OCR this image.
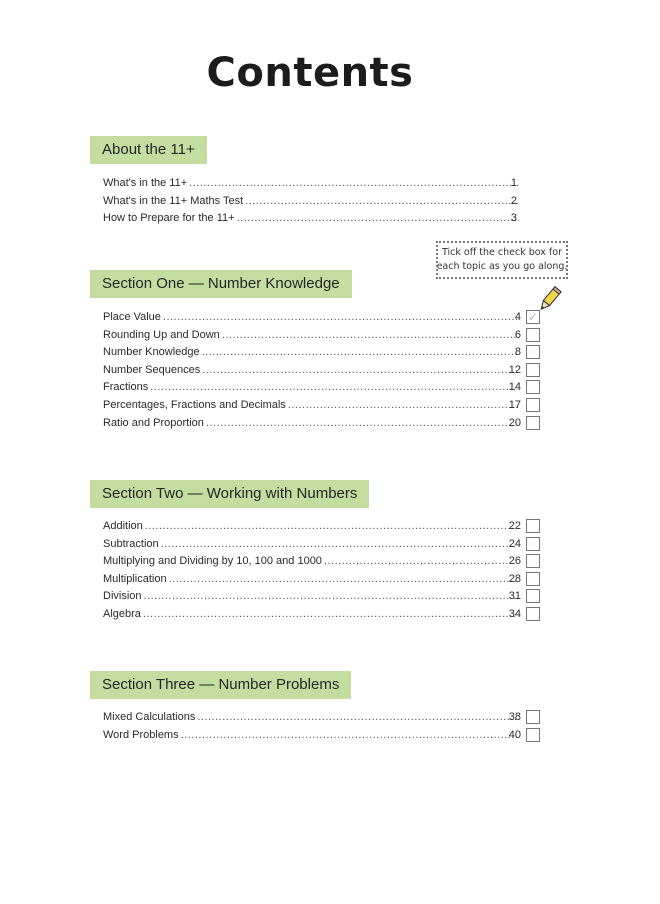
Contents
About the 11+
What's in the 11+ .....	1
What's in the 11+ Maths Test .....	2
How to Prepare for the 11+ .....	3
Tick off the check box for
each topic as you go along.
Section One — Number Knowledge
Place Value .....	4 ✓
Rounding Up and Down .....	6
Number Knowledge .....	8
Number Sequences .....	12
Fractions .....	14
Percentages, Fractions and Decimals .....	17
Ratio and Proportion .....	20
Section Two — Working with Numbers
Addition .....	22
Subtraction .....	24
Multiplying and Dividing by 10, 100 and 1000 .....	26
Multiplication .....	28
Division .....	31
Algebra .....	34
Section Three — Number Problems
Mixed Calculations .....	38
Word Problems .....	40
